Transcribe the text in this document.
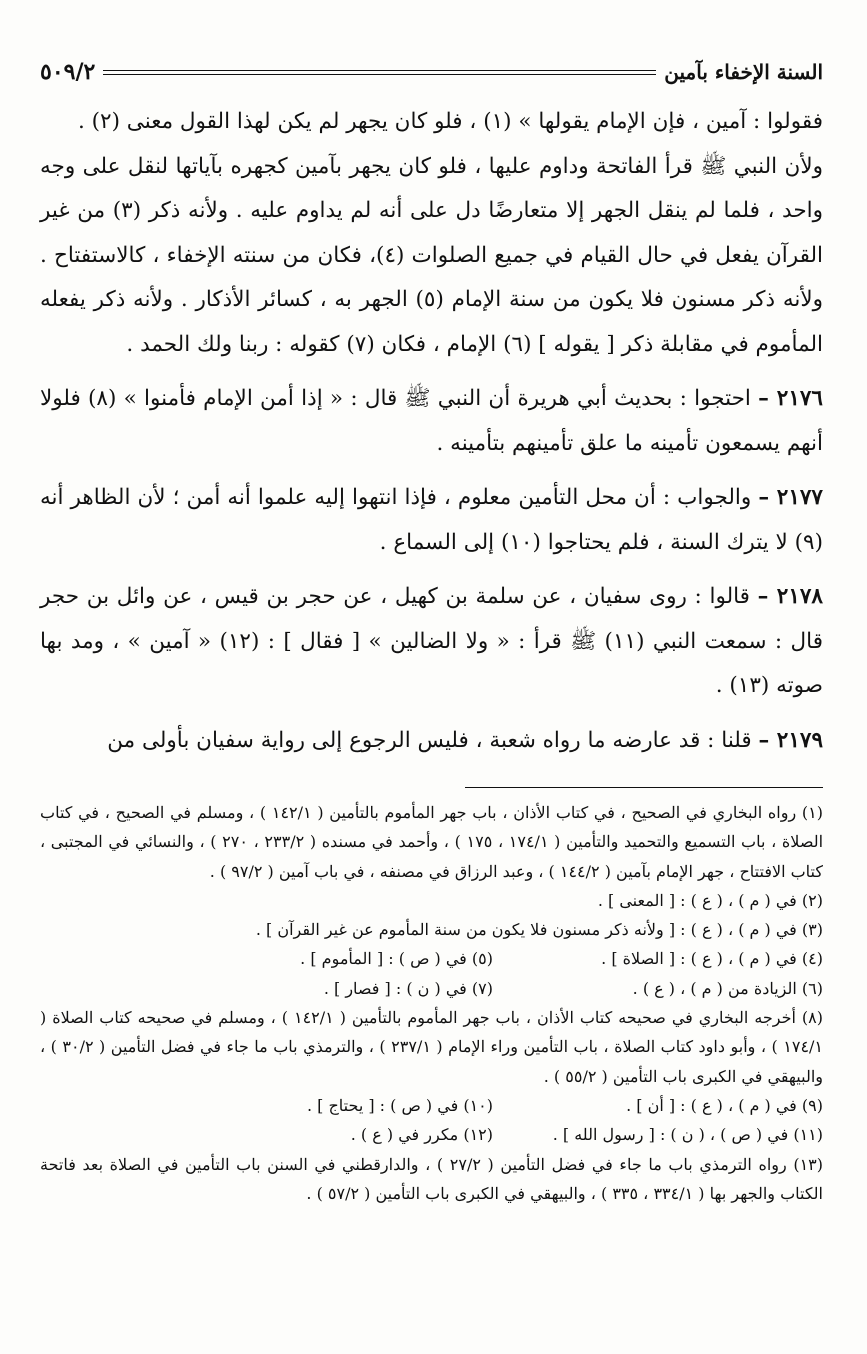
السنة الإخفاء بآمين
٥٠٩/٢

فقولوا : آمين ، فإن الإمام يقولها » (١) ، فلو كان يجهر لم يكن لهذا القول معنى (٢) .

ولأن النبي ﷺ قرأ الفاتحة وداوم عليها ، فلو كان يجهر بآمين كجهره بآياتها لنقل على وجه واحد ، فلما لم ينقل الجهر إلا متعارضًا دل على أنه لم يداوم عليه . ولأنه ذكر (٣) من غير القرآن يفعل في حال القيام في جميع الصلوات (٤)، فكان من سنته الإخفاء ، كالاستفتاح . ولأنه ذكر مسنون فلا يكون من سنة الإمام (٥) الجهر به ، كسائر الأذكار . ولأنه ذكر يفعله المأموم في مقابلة ذكر [ يقوله ] (٦) الإمام ، فكان (٧) كقوله : ربنا ولك الحمد .

٢١٧٦ – احتجوا : بحديث أبي هريرة أن النبي ﷺ قال : « إذا أمن الإمام فأمنوا » (٨) فلولا أنهم يسمعون تأمينه ما علق تأمينهم بتأمينه .

٢١٧٧ – والجواب : أن محل التأمين معلوم ، فإذا انتهوا إليه علموا أنه أمن ؛ لأن الظاهر أنه (٩) لا يترك السنة ، فلم يحتاجوا (١٠) إلى السماع .

٢١٧٨ – قالوا : روى سفيان ، عن سلمة بن كهيل ، عن حجر بن قيس ، عن وائل بن حجر قال : سمعت النبي (١١) ﷺ قرأ : « ولا الضالين » [ فقال ] : (١٢) « آمين » ، ومد بها صوته (١٣) .

٢١٧٩ – قلنا : قد عارضه ما رواه شعبة ، فليس الرجوع إلى رواية سفيان بأولى من

(١) رواه البخاري في الصحيح ، في كتاب الأذان ، باب جهر المأموم بالتأمين ( ١٤٢/١ ) ، ومسلم في الصحيح ، في كتاب الصلاة ، باب التسميع والتحميد والتأمين ( ١٧٤/١ ، ١٧٥ ) ، وأحمد في مسنده ( ٢٣٣/٢ ، ٢٧٠ ) ، والنسائي في المجتبى ، كتاب الافتتاح ، جهر الإمام بآمين ( ١٤٤/٢ ) ، وعبد الرزاق في مصنفه ، في باب آمين ( ٩٧/٢ ) .

(٢) في ( م ) ، ( ع ) : [ المعنى ] .

(٣) في ( م ) ، ( ع ) : [ ولأنه ذكر مسنون فلا يكون من سنة المأموم عن غير القرآن ] .

(٤) في ( م ) ، ( ع ) : [ الصلاة ] .
(٥) في ( ص ) : [ المأموم ] .
(٦) الزيادة من ( م ) ، ( ع ) .
(٧) في ( ن ) : [ فصار ] .

(٨) أخرجه البخاري في صحيحه كتاب الأذان ، باب جهر المأموم بالتأمين ( ١٤٢/١ ) ، ومسلم في صحيحه كتاب الصلاة ( ١٧٤/١ ) ، وأبو داود كتاب الصلاة ، باب التأمين وراء الإمام ( ٢٣٧/١ ) ، والترمذي باب ما جاء في فضل التأمين ( ٣٠/٢ ) ، والبيهقي في الكبرى باب التأمين ( ٥٥/٢ ) .

(٩) في ( م ) ، ( ع ) : [ أن ] .
(١٠) في ( ص ) : [ يحتاج ] .
(١١) في ( ص ) ، ( ن ) : [ رسول الله ] .
(١٢) مكرر في ( ع ) .

(١٣) رواه الترمذي باب ما جاء في فضل التأمين ( ٢٧/٢ ) ، والدارقطني في السنن باب التأمين في الصلاة بعد فاتحة الكتاب والجهر بها ( ٣٣٤/١ ، ٣٣٥ ) ، والبيهقي في الكبرى باب التأمين ( ٥٧/٢ ) .
